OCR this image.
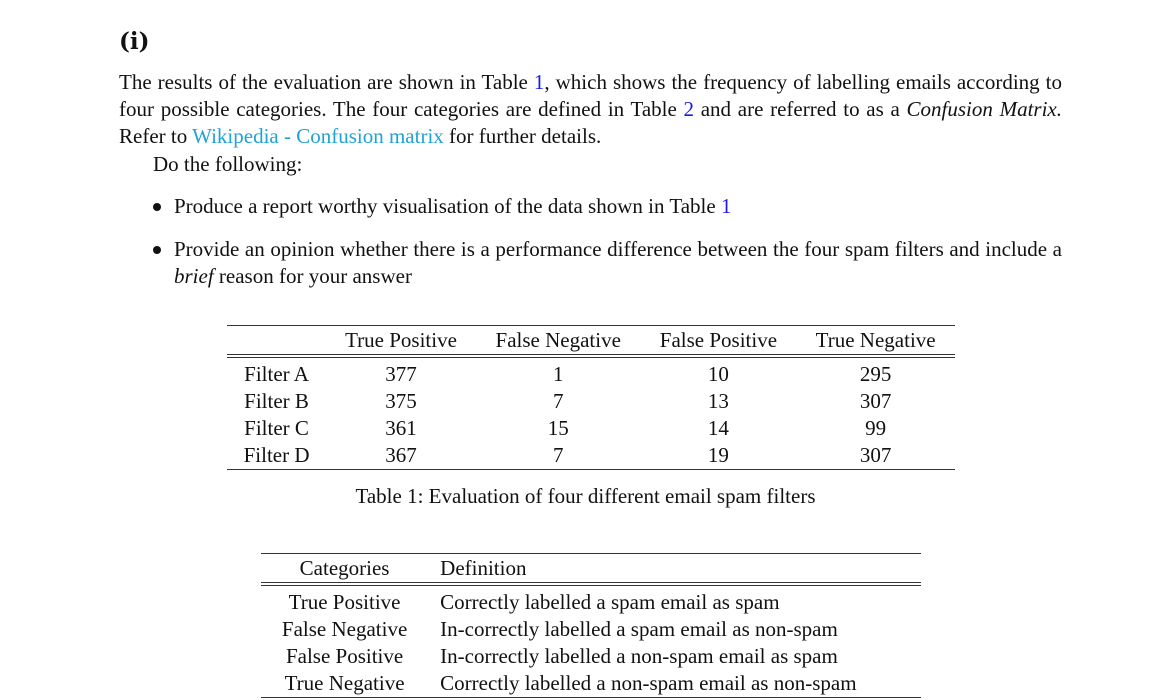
(i)

The results of the evaluation are shown in Table 1, which shows the frequency of labelling emails according to four possible categories. The four categories are defined in Table 2 and are referred to as a Confusion Matrix. Refer to Wikipedia - Confusion matrix for further details.

Do the following:
Produce a report worthy visualisation of the data shown in Table 1
Provide an opinion whether there is a performance difference between the four spam filters and include a brief reason for your answer
	True Positive	False Negative	False Positive	True Negative
Filter A	377	1	10	295
Filter B	375	7	13	307
Filter C	361	15	14	99
Filter D	367	7	19	307
Table 1: Evaluation of four different email spam filters
Categories	Definition
True Positive	Correctly labelled a spam email as spam
False Negative	In-correctly labelled a spam email as non-spam
False Positive	In-correctly labelled a non-spam email as spam
True Negative	Correctly labelled a non-spam email as non-spam
